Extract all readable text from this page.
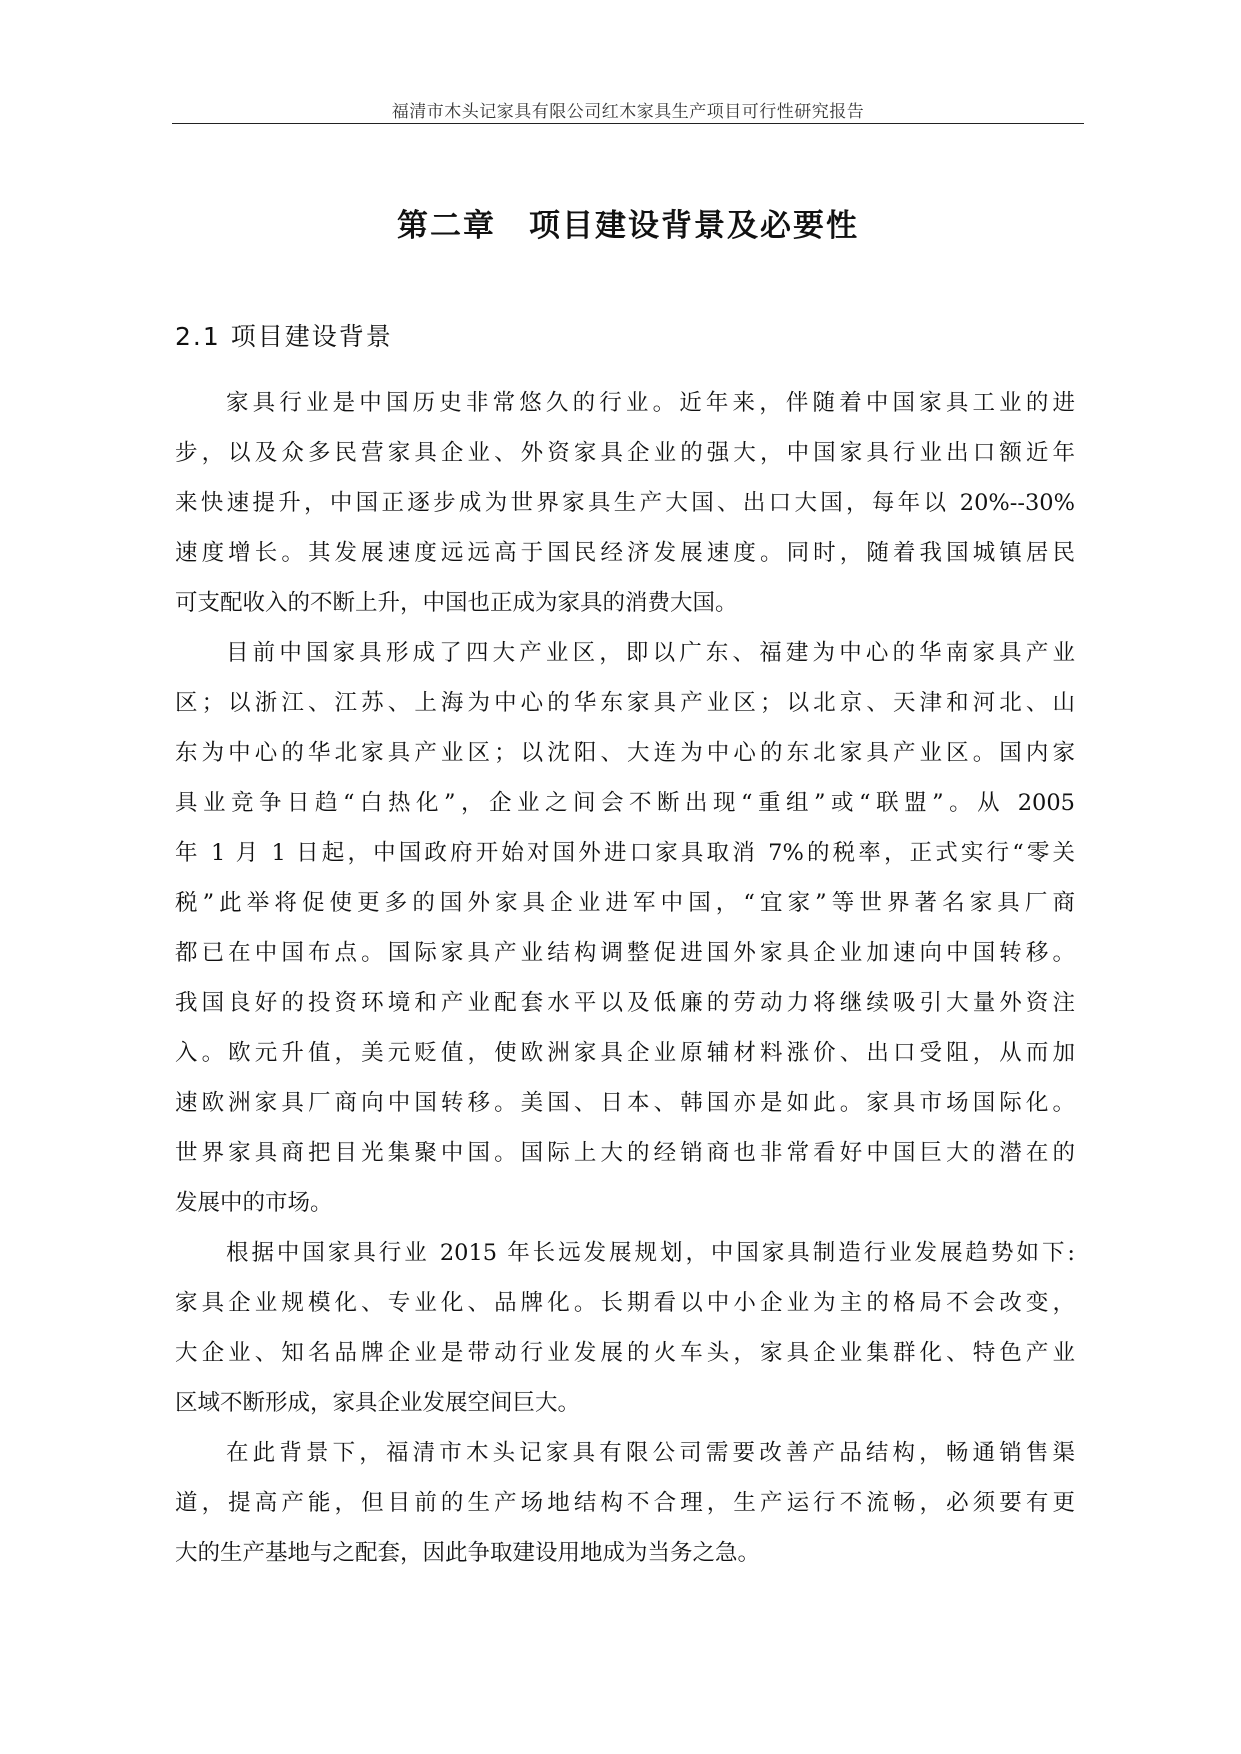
福清市木头记家具有限公司红木家具生产项目可行性研究报告
第二章　项目建设背景及必要性
2.1 项目建设背景
家具行业是中国历史非常悠久的行业。近年来，伴随着中国家具工业的进
步，以及众多民营家具企业、外资家具企业的强大，中国家具行业出口额近年
来快速提升，中国正逐步成为世界家具生产大国、出口大国，每年以 20%--30%
速度增长。其发展速度远远高于国民经济发展速度。同时，随着我国城镇居民
可支配收入的不断上升，中国也正成为家具的消费大国。
目前中国家具形成了四大产业区，即以广东、福建为中心的华南家具产业
区；以浙江、江苏、上海为中心的华东家具产业区；以北京、天津和河北、山
东为中心的华北家具产业区；以沈阳、大连为中心的东北家具产业区。国内家
具业竞争日趋“白热化”，企业之间会不断出现“重组”或“联盟”。从 2005
年 1 月 1 日起，中国政府开始对国外进口家具取消 7%的税率，正式实行“零关
税”此举将促使更多的国外家具企业进军中国，“宜家”等世界著名家具厂商
都已在中国布点。国际家具产业结构调整促进国外家具企业加速向中国转移。
我国良好的投资环境和产业配套水平以及低廉的劳动力将继续吸引大量外资注
入。欧元升值，美元贬值，使欧洲家具企业原辅材料涨价、出口受阻，从而加
速欧洲家具厂商向中国转移。美国、日本、韩国亦是如此。家具市场国际化。
世界家具商把目光集聚中国。国际上大的经销商也非常看好中国巨大的潜在的
发展中的市场。
根据中国家具行业 2015 年长远发展规划，中国家具制造行业发展趋势如下:
家具企业规模化、专业化、品牌化。长期看以中小企业为主的格局不会改变，
大企业、知名品牌企业是带动行业发展的火车头，家具企业集群化、特色产业
区域不断形成，家具企业发展空间巨大。
在此背景下，福清市木头记家具有限公司需要改善产品结构，畅通销售渠
道，提高产能，但目前的生产场地结构不合理，生产运行不流畅，必须要有更
大的生产基地与之配套，因此争取建设用地成为当务之急。
